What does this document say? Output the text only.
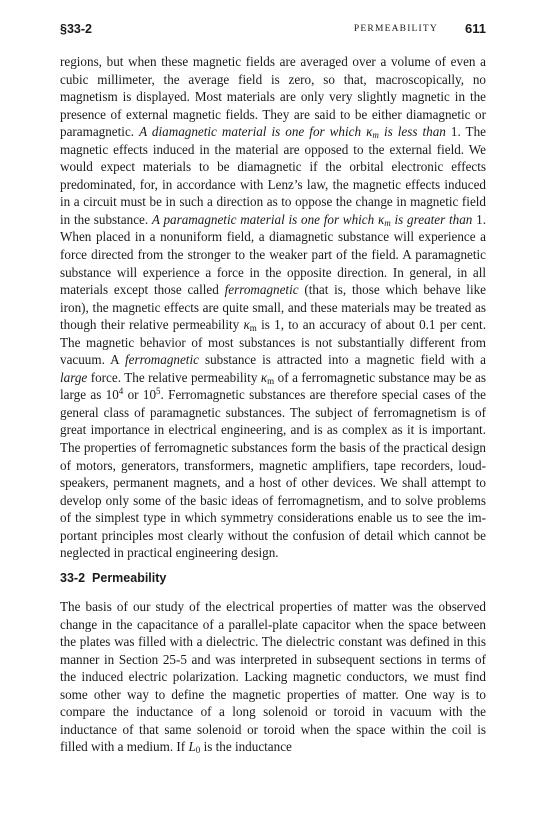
§33-2	PERMEABILITY 611

regions, but when these magnetic fields are averaged over a volume of even a cubic millimeter, the average field is zero, so that, macroscopically, no magnetism is displayed. Most materials are only very slightly magnetic in the presence of external magnetic fields. They are said to be either diamagnetic or paramagnetic. A diamagnetic material is one for which $\kappa_m$ is less than 1. The magnetic effects induced in the material are opposed to the external field. We would expect materials to be diamagnetic if the orbital electronic effects predominated, for, in accordance with Lenz’s law, the magnetic effects induced in a circuit must be in such a direction as to oppose the change in magnetic field in the substance. A paramagnetic material is one for which $\kappa_m$ is greater than 1. When placed in a nonuniform field, a diamagnetic substance will experience a force directed from the stronger to the weaker part of the field. A paramagnetic substance will experience a force in the opposite direction. In general, in all materials except those called ferromagnetic (that is, those which behave like iron), the magnetic effects are quite small, and these materials may be treated as though their relative permeability $\kappa_m$ is 1, to an accuracy of about 0.1 per cent. The magnetic behavior of most substances is not substantially different from vacuum. A ferromagnetic substance is attracted into a magnetic field with a large force. The relative permeability $\kappa_m$ of a ferromagnetic substance may be as large as $10^4$ or $10^5$. Ferromagnetic substances are therefore special cases of the general class of paramagnetic substances. The subject of ferromagnetism is of great importance in electrical engineering, and is as complex as it is important. The properties of ferromagnetic substances form the basis of the practical design of motors, generators, transformers, magnetic amplifiers, tape recorders, loud-speakers, permanent magnets, and a host of other devices. We shall attempt to develop only some of the basic ideas of ferromagnetism, and to solve problems of the simplest type in which symmetry considerations enable us to see the important principles most clearly without the confusion of detail which cannot be neglected in practical engineering design.

33-2 Permeability

The basis of our study of the electrical properties of matter was the observed change in the capacitance of a parallel-plate capacitor when the space between the plates was filled with a dielectric. The dielectric constant was defined in this manner in Section 25-5 and was interpreted in subsequent sections in terms of the induced electric polarization. Lacking magnetic conductors, we must find some other way to define the magnetic properties of matter. One way is to compare the inductance of a long solenoid or toroid in vacuum with the inductance of that same solenoid or toroid when the space within the coil is filled with a medium. If $L_0$ is the inductance
